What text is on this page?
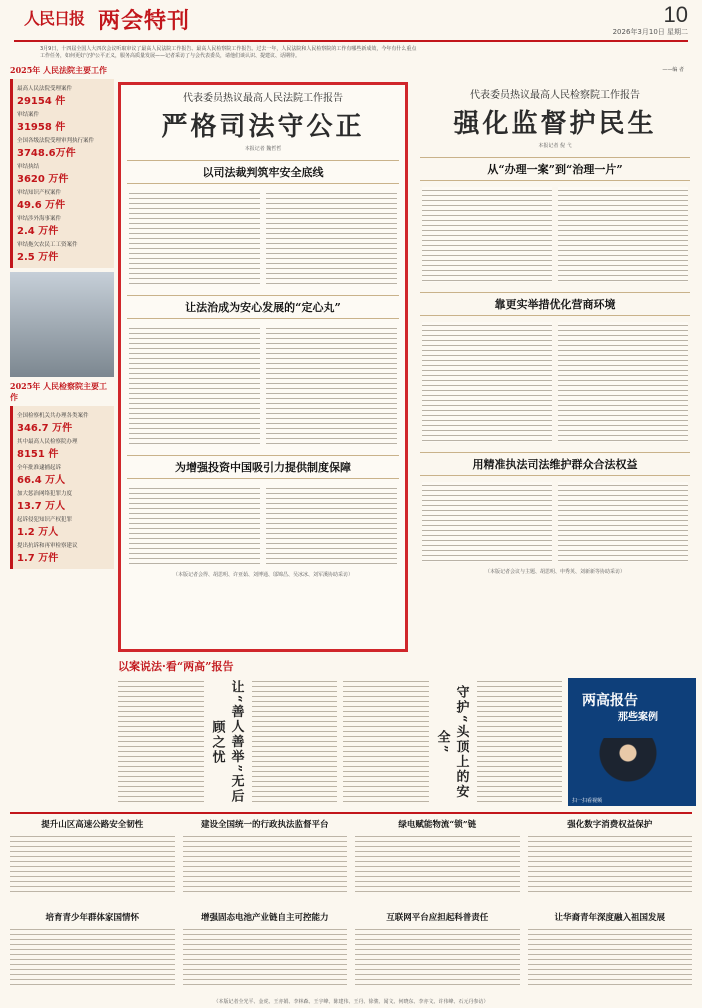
人民日报 两会特刊	10
2026年3月10日 星期二
3月9日，十四届全国人大四次会议听取审议了最高人民法院工作报告、最高人民检察院工作报告。过去一年，人民法院和人民检察院的工作有哪些新成效，今年有什么重点
工作任务，如何更好守护公平正义，服务高质量发展——记者采访了与会代表委员，请他们谈认识、提建议、话期待。
——编 者
2025年 人民法院主要工作
最高人民法院受理案件
29154 件
审结案件
31958 件
全国各级法院受理审判执行案件
3748.6万件
审结执结
3620 万件
审结知识产权案件
49.6 万件
审结涉外海事案件
2.4 万件
审结拖欠农民工工资案件
2.5 万件
2025年 人民检察院主要工作
全国检察机关共办理各类案件
346.7 万件
其中最高人民检察院办理
8151 件
全年批准逮捕起诉
66.4 万人
加大惩治网络犯罪力度
13.7 万人
起诉侵犯知识产权犯罪
1.2 万人
提出抗诉和再审检察建议
1.7 万件
代表委员热议最高人民法院工作报告
严格司法守公正
本报记者 魏哲哲
以司法裁判筑牢安全底线
让法治成为安心发展的“定心丸”
为增强投资中国吸引力提供制度保障
（本版记者会得、胡思明、许亚茹、刘博通、邬锦昌、吴冰冰、刘军溪协助采访）
代表委员热议最高人民检察院工作报告
强化监督护民生
本报记者 倪 弋
从“办理一案”到“治理一片”
靠更实举措优化营商环境
用精准执法司法维护群众合法权益
（本版记者会议与主题、胡思明、申秀英、刘新新等协助采访）
以案说法·看“两高”报告
让“善人善举”无后顾之忧	守护“头顶上的安全”
两高报告
那些案例
扫一扫看视频
提升山区高速公路安全韧性	建设全国统一的行政执法监督平台	绿电赋能物流“锁”链	强化数字消费权益保护
培育青少年群体家国情怀	增强固态电池产业链自主可控能力	互联网平台应担起科普责任	让华裔青年深度融入祖国发展
（本版记者全光平、金虎、王亦娟、李林森、王宇峰、陈建伟、王丹、徐骏、闻文、何晓东、李亦文、许伟峰、石元丹参访）
